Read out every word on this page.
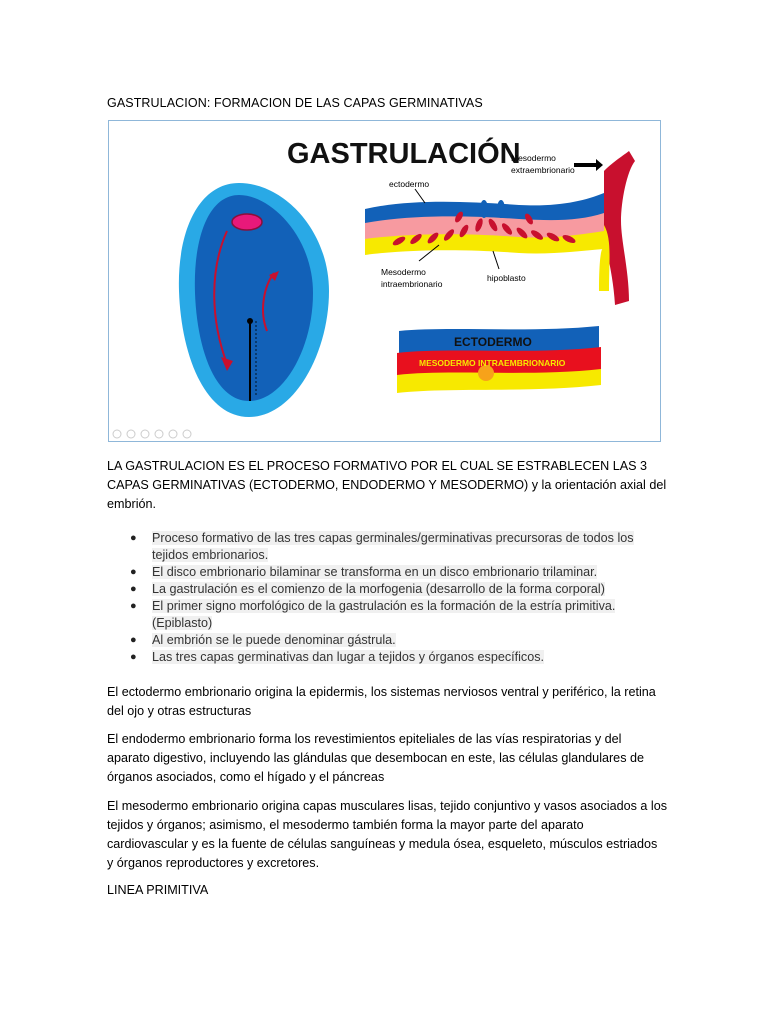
GASTRULACION: FORMACION DE LAS CAPAS GERMINATIVAS
GASTRULACIÓN
Mesodermo
extraembrionario
ectodermo
Mesodermo
intraembrionario
hipoblasto
ECTODERMO
MESODERMO INTRAEMBRIONARIO
LA GASTRULACION ES EL PROCESO FORMATIVO POR EL CUAL SE ESTRABLECEN LAS 3 CAPAS GERMINATIVAS (ECTODERMO, ENDODERMO Y MESODERMO) y la orientación axial del embrión.
● Proceso formativo de las tres capas germinales/germinativas precursoras de todos los tejidos embrionarios.
● El disco embrionario bilaminar se transforma en un disco embrionario trilaminar.
● La gastrulación es el comienzo de la morfogenia (desarrollo de la forma corporal)
● El primer signo morfológico de la gastrulación es la formación de la estría primitiva. (Epiblasto)
● Al embrión se le puede denominar gástrula.
● Las tres capas germinativas dan lugar a tejidos y órganos específicos.
El ectodermo embrionario origina la epidermis, los sistemas nerviosos ventral y periférico, la retina del ojo y otras estructuras
El endodermo embrionario forma los revestimientos epiteliales de las vías respiratorias y del aparato digestivo, incluyendo las glándulas que desembocan en este, las células glandulares de órganos asociados, como el hígado y el páncreas
El mesodermo embrionario origina capas musculares lisas, tejido conjuntivo y vasos asociados a los tejidos y órganos; asimismo, el mesodermo también forma la mayor parte del aparato cardiovascular y es la fuente de células sanguíneas y medula ósea, esqueleto, músculos estriados y órganos reproductores y excretores.
LINEA PRIMITIVA
